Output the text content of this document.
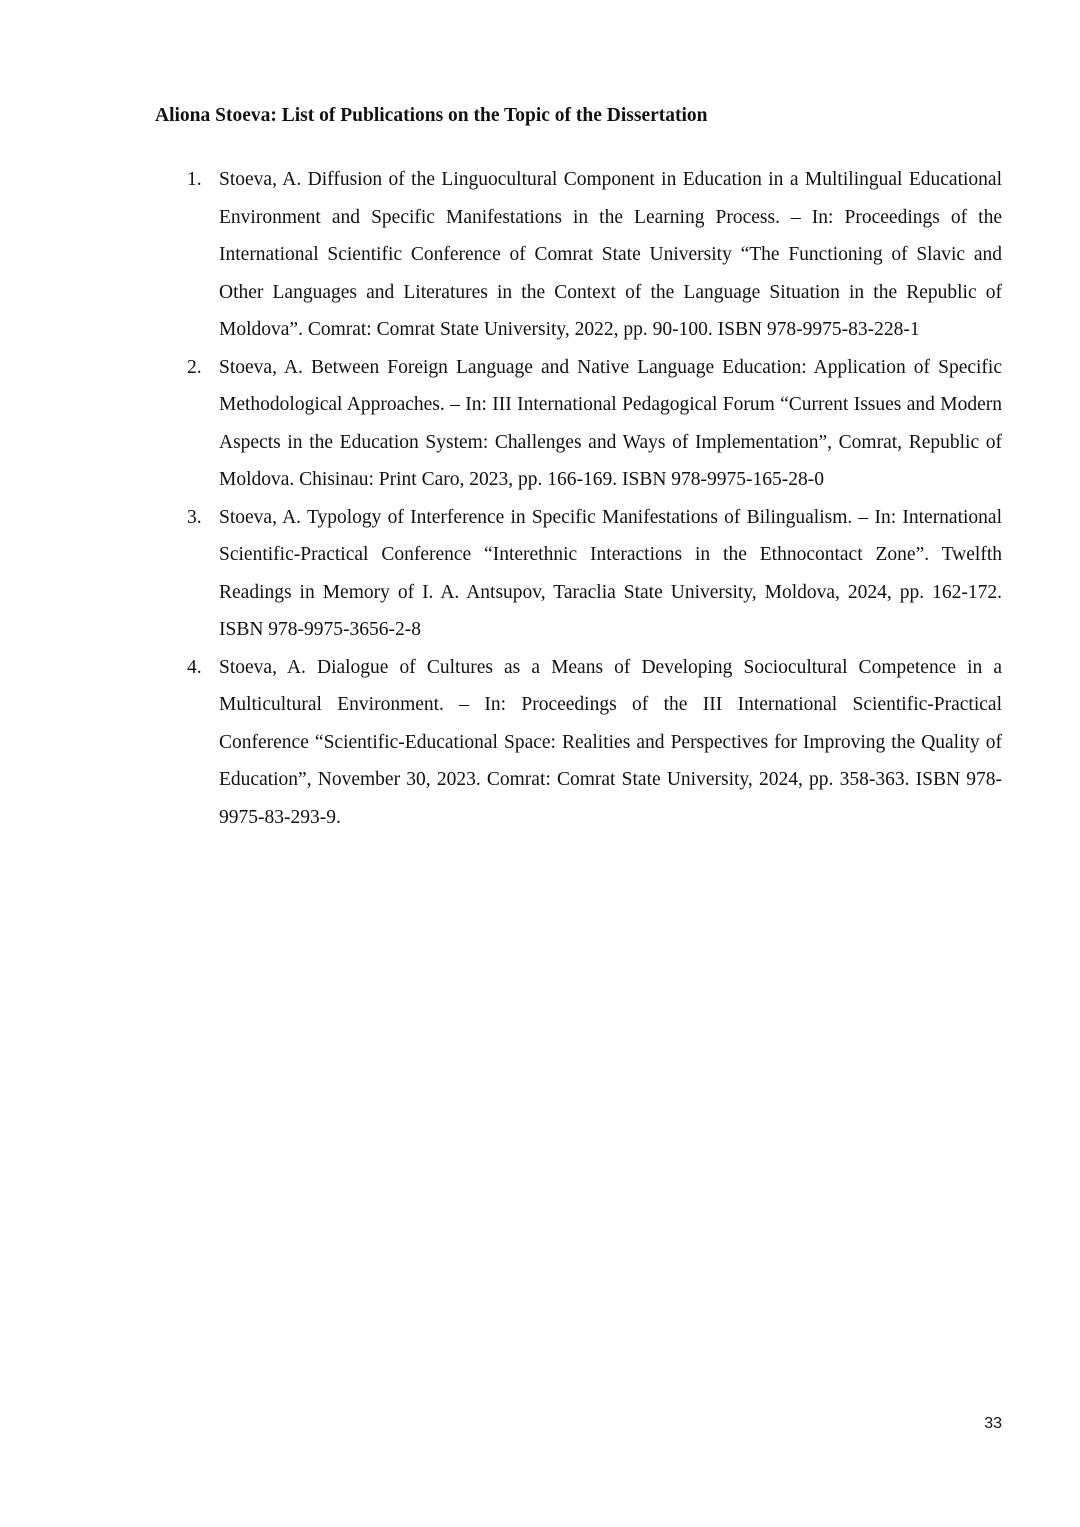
Aliona Stoeva: List of Publications on the Topic of the Dissertation
1. Stoeva, A. Diffusion of the Linguocultural Component in Education in a Multilingual Educational Environment and Specific Manifestations in the Learning Process. – In: Proceedings of the International Scientific Conference of Comrat State University “The Functioning of Slavic and Other Languages and Literatures in the Context of the Language Situation in the Republic of Moldova”. Comrat: Comrat State University, 2022, pp. 90-100. ISBN 978-9975-83-228-1
2. Stoeva, A. Between Foreign Language and Native Language Education: Application of Specific Methodological Approaches. – In: III International Pedagogical Forum “Current Issues and Modern Aspects in the Education System: Challenges and Ways of Implementation”, Comrat, Republic of Moldova. Chisinau: Print Caro, 2023, pp. 166-169. ISBN 978-9975-165-28-0
3. Stoeva, A. Typology of Interference in Specific Manifestations of Bilingualism. – In: International Scientific-Practical Conference “Interethnic Interactions in the Ethnocontact Zone”. Twelfth Readings in Memory of I. A. Antsupov, Taraclia State University, Moldova, 2024, pp. 162-172. ISBN 978-9975-3656-2-8
4. Stoeva, A. Dialogue of Cultures as a Means of Developing Sociocultural Competence in a Multicultural Environment. – In: Proceedings of the III International Scientific-Practical Conference “Scientific-Educational Space: Realities and Perspectives for Improving the Quality of Education”, November 30, 2023. Comrat: Comrat State University, 2024, pp. 358-363. ISBN 978-9975-83-293-9.
33
